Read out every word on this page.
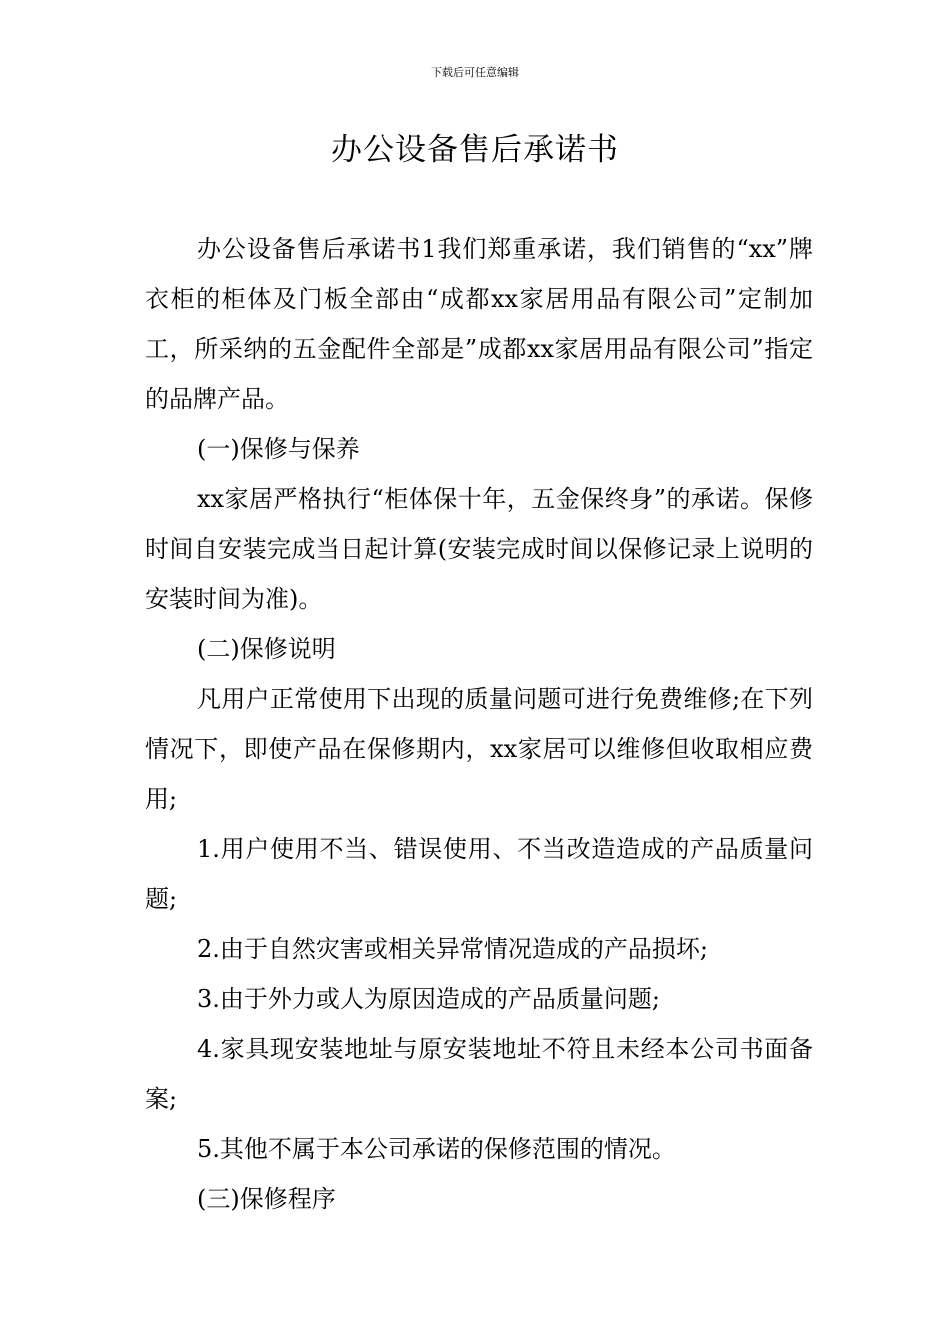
下载后可任意编辑
办公设备售后承诺书

办公设备售后承诺书1我们郑重承诺，我们销售的“xx”牌衣柜的柜体及门板全部由“成都xx家居用品有限公司”定制加工，所采纳的五金配件全部是”成都xx家居用品有限公司”指定的品牌产品。

(一)保修与保养

xx家居严格执行“柜体保十年，五金保终身”的承诺。保修时间自安装完成当日起计算(安装完成时间以保修记录上说明的安装时间为准)。

(二)保修说明

凡用户正常使用下出现的质量问题可进行免费维修;在下列情况下，即使产品在保修期内，xx家居可以维修但收取相应费用;

1.用户使用不当、错误使用、不当改造造成的产品质量问题;

2.由于自然灾害或相关异常情况造成的产品损坏;

3.由于外力或人为原因造成的产品质量问题;

4.家具现安装地址与原安装地址不符且未经本公司书面备案;

5.其他不属于本公司承诺的保修范围的情况。

(三)保修程序
